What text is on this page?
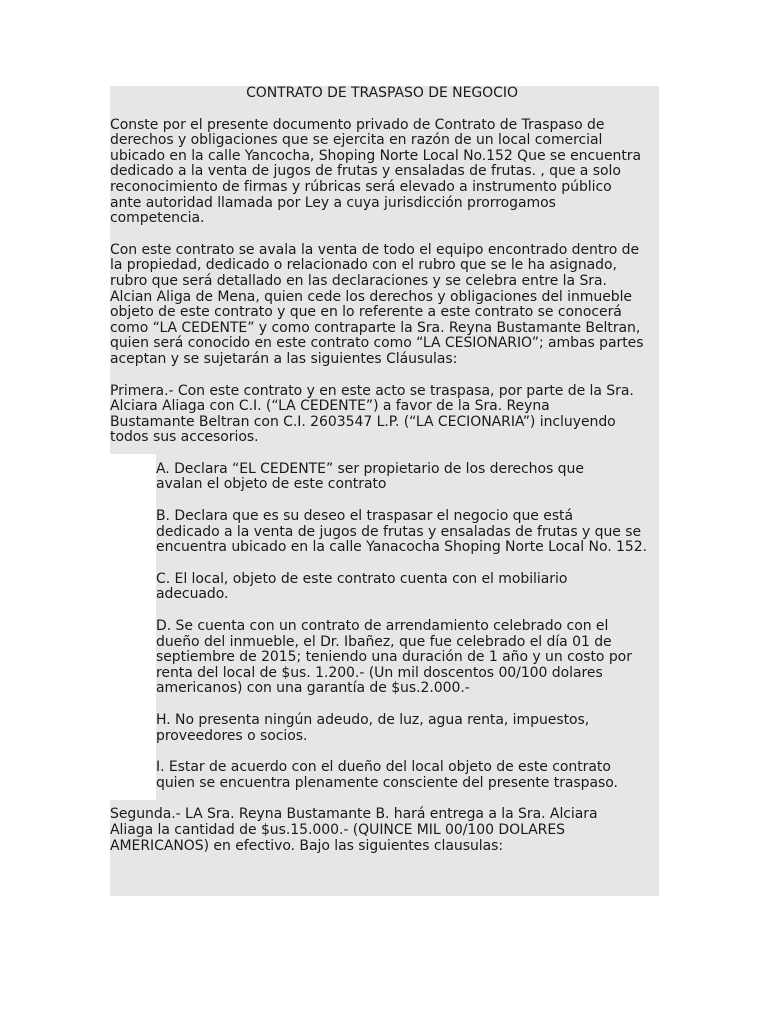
CONTRATO DE TRASPASO DE NEGOCIO
Conste por el presente documento privado de Contrato de Traspaso de
derechos y obligaciones que se ejercita en razón de un local comercial
ubicado en la calle Yancocha, Shoping Norte Local No.152 Que se encuentra
dedicado a la venta de jugos de frutas y ensaladas de frutas. , que a solo
reconocimiento de firmas y rúbricas será elevado a instrumento público
ante autoridad llamada por Ley a cuya jurisdicción prorrogamos
competencia.
Con este contrato se avala la venta de todo el equipo encontrado dentro de
la propiedad, dedicado o relacionado con el rubro que se le ha asignado,
rubro que será detallado en las declaraciones y se celebra entre la Sra.
Alcian Aliga de Mena, quien cede los derechos y obligaciones del inmueble
objeto de este contrato y que en lo referente a este contrato se conocerá
como “LA CEDENTE” y como contraparte la Sra. Reyna Bustamante Beltran,
quien será conocido en este contrato como “LA CESIONARIO”; ambas partes
aceptan y se sujetarán a las siguientes Cláusulas:
Primera.- Con este contrato y en este acto se traspasa, por parte de la Sra.
Alciara Aliaga con C.I. (“LA CEDENTE”) a favor de la Sra. Reyna
Bustamante Beltran con C.I. 2603547 L.P. (“LA CECIONARIA”) incluyendo
todos sus accesorios.
A. Declara “EL CEDENTE” ser propietario de los derechos que
avalan el objeto de este contrato
B. Declara que es su deseo el traspasar el negocio que está
dedicado a la venta de jugos de frutas y ensaladas de frutas y que se
encuentra ubicado en la calle Yanacocha Shoping Norte Local No. 152.
C. El local, objeto de este contrato cuenta con el mobiliario
adecuado.
D. Se cuenta con un contrato de arrendamiento celebrado con el
dueño del inmueble, el Dr. Ibañez, que fue celebrado el día 01 de
septiembre de 2015; teniendo una duración de 1 año y un costo por
renta del local de $us. 1.200.- (Un mil doscentos 00/100 dolares
americanos) con una garantía de $us.2.000.-
H. No presenta ningún adeudo, de luz, agua renta, impuestos,
proveedores o socios.
I. Estar de acuerdo con el dueño del local objeto de este contrato
quien se encuentra plenamente consciente del presente traspaso.
Segunda.- LA Sra. Reyna Bustamante B. hará entrega a la Sra. Alciara
Aliaga la cantidad de $us.15.000.- (QUINCE MIL 00/100 DOLARES
AMERICANOS) en efectivo. Bajo las siguientes clausulas:
